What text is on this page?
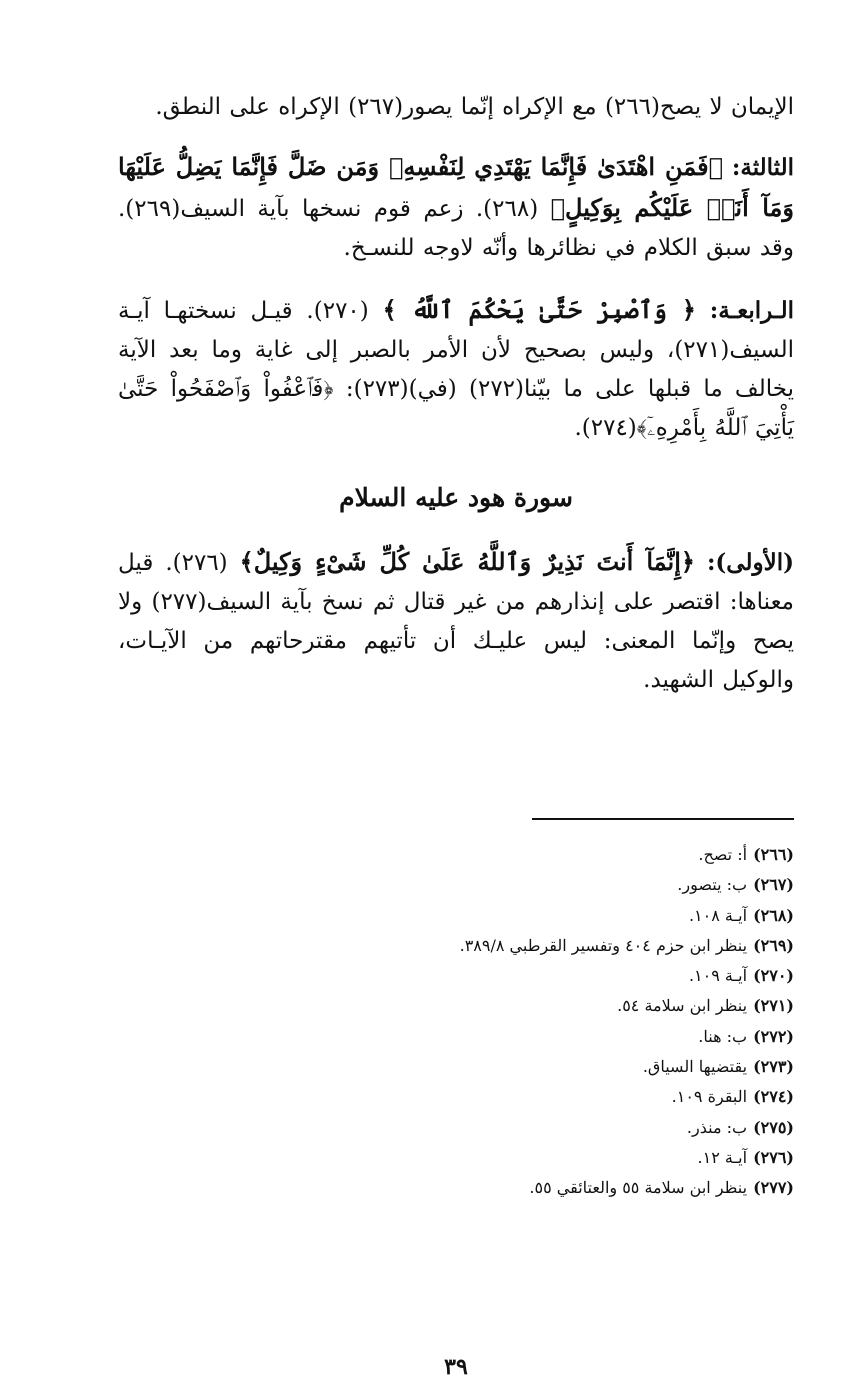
الإيمان لا يصح(٢٦٦) مع الإكراه إنّما يصور(٢٦٧) الإكراه على النطق.

الثالثة: ﴿فَمَنِ اهْتَدَىٰ فَإِنَّمَا يَهْتَدِي لِنَفْسِهِۦ وَمَن ضَلَّ فَإِنَّمَا يَضِلُّ عَلَيْهَا وَمَآ أَنَا۠ عَلَيْكُم بِوَكِيلٍ﴾ (٢٦٨). زعم قوم نسخها بآية السيف(٢٦٩). وقد سبق الكلام في نظائرها وأنّه لاوجه للنسـخ.

الـرابعـة: ﴿ وَٱصْبِرْ حَتَّىٰ يَحْكُمَ ٱللَّهُ ﴾ (٢٧٠). قيـل نسختهـا آيـة السيف(٢٧١)، وليس بصحيح لأن الأمر بالصبر إلى غاية وما بعد الآية يخالف ما قبلها على ما بيّنا(٢٧٢) (في)(٢٧٣): ﴿فَٱعْفُواْ وَٱصْفَحُواْ حَتَّىٰ يَأْتِيَ ٱللَّهُ بِأَمْرِهِۦٓ﴾(٢٧٤).

سورة هود عليه السلام

(الأولى): ﴿إِنَّمَآ أَنتَ نَذِيرٌ وَٱللَّهُ عَلَىٰ كُلِّ شَىْءٍ وَكِيلٌ﴾ (٢٧٦). قيل معناها: اقتصر على إنذارهم من غير قتال ثم نسخ بآية السيف(٢٧٧) ولا يصح وإنّما المعنى: ليس عليـك أن تأتيهم مقترحاتهم من الآيـات، والوكيل الشهيد.

(٢٦٦)أ: تصح.
(٢٦٧)ب: يتصور.
(٢٦٨)آيـة ١٠٨.
(٢٦٩)ينظر ابن حزم ٤٠٤ وتفسير القرطبي ٣٨٩/٨.
(٢٧٠)آيـة ١٠٩.
(٢٧١)ينظر ابن سلامة ٥٤.
(٢٧٢)ب: هنا.
(٢٧٣)يقتضيها السياق.
(٢٧٤)البقرة ١٠٩.
(٢٧٥)ب: منذر.
(٢٧٦)آيـة ١٢.
(٢٧٧)ينظر ابن سلامة ٥٥ والعتائقي ٥٥.
٣٩
